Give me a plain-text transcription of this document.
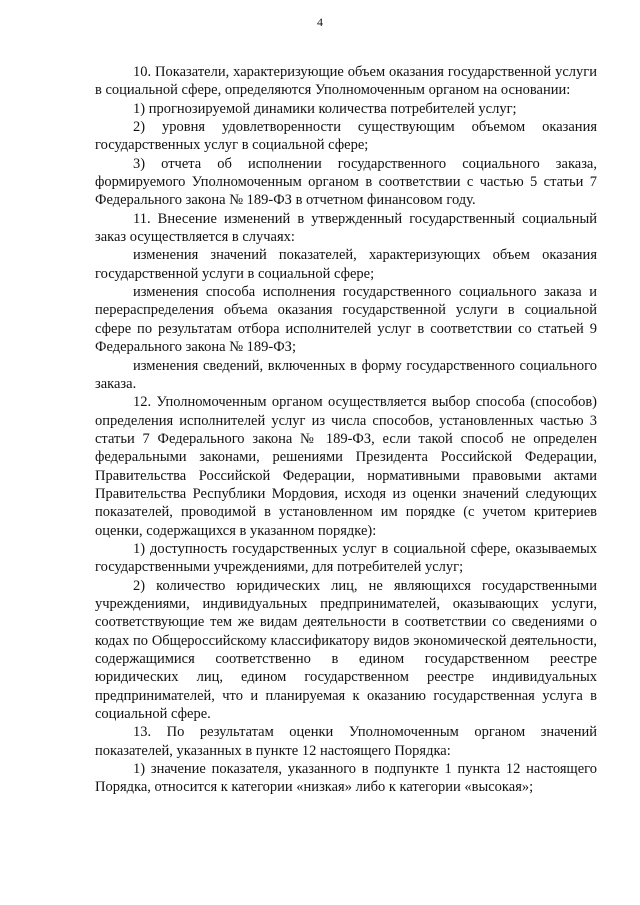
4

10. Показатели, характеризующие объем оказания государственной услуги в социальной сфере, определяются Уполномоченным органом на основании:

1) прогнозируемой динамики количества потребителей услуг;

2) уровня удовлетворенности существующим объемом оказания государственных услуг в социальной сфере;

3) отчета об исполнении государственного социального заказа, формируемого Уполномоченным органом в соответствии с частью 5 статьи 7 Федерального закона № 189-ФЗ в отчетном финансовом году.

11. Внесение изменений в утвержденный государственный социальный заказ осуществляется в случаях:

изменения значений показателей, характеризующих объем оказания государственной услуги в социальной сфере;

изменения способа исполнения государственного социального заказа и перераспределения объема оказания государственной услуги в социальной сфере по результатам отбора исполнителей услуг в соответствии со статьей 9 Федерального закона № 189-ФЗ;

изменения сведений, включенных в форму государственного социального заказа.

12. Уполномоченным органом осуществляется выбор способа (способов) определения исполнителей услуг из числа способов, установленных частью 3 статьи 7 Федерального закона № 189-ФЗ, если такой способ не определен федеральными законами, решениями Президента Российской Федерации, Правительства Российской Федерации, нормативными правовыми актами Правительства Республики Мордовия, исходя из оценки значений следующих показателей, проводимой в установленном им порядке (с учетом критериев оценки, содержащихся в указанном порядке):

1) доступность государственных услуг в социальной сфере, оказываемых государственными учреждениями, для потребителей услуг;

2) количество юридических лиц, не являющихся государственными учреждениями, индивидуальных предпринимателей, оказывающих услуги, соответствующие тем же видам деятельности в соответствии со сведениями о кодах по Общероссийскому классификатору видов экономической деятельности, содержащимися соответственно в едином государственном реестре юридических лиц, едином государственном реестре индивидуальных предпринимателей, что и планируемая к оказанию государственная услуга в социальной сфере.

13. По результатам оценки Уполномоченным органом значений показателей, указанных в пункте 12 настоящего Порядка:

1) значение показателя, указанного в подпункте 1 пункта 12 настоящего Порядка, относится к категории «низкая» либо к категории «высокая»;
